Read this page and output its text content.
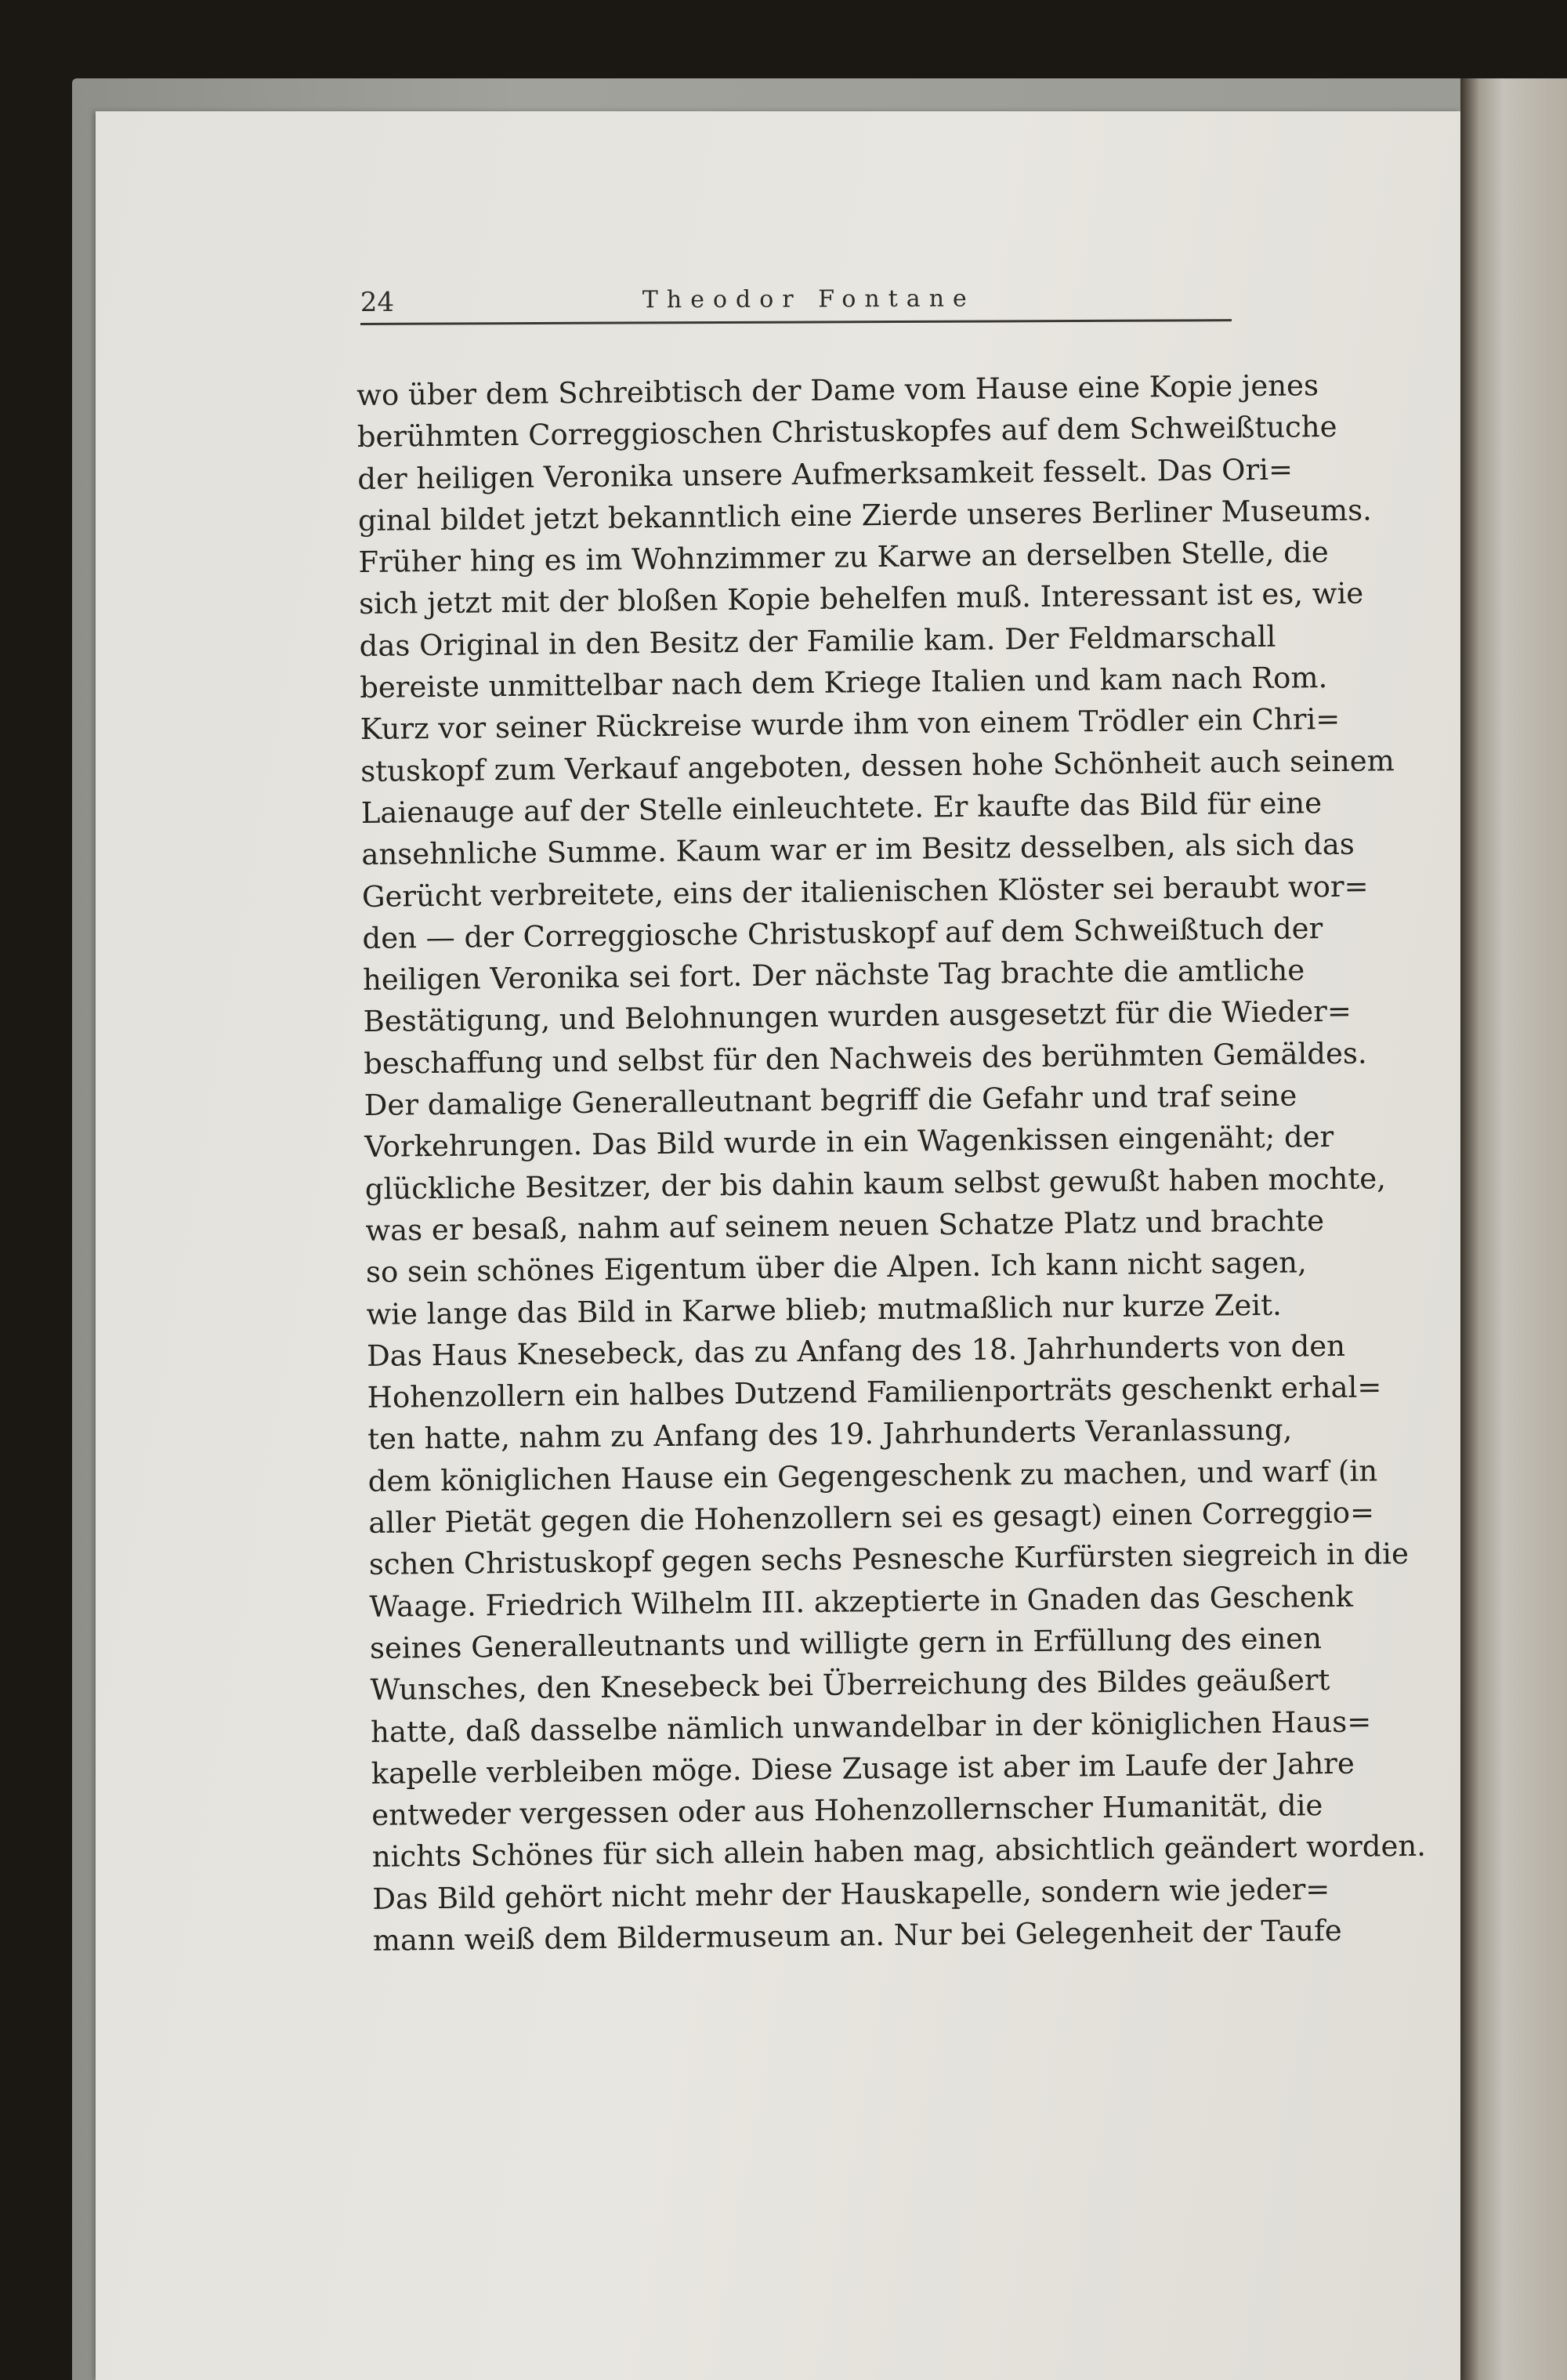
24	Theodor Fontane
wo über dem Schreibtisch der Dame vom Hause eine Kopie jenes
berühmten Correggioschen Christuskopfes auf dem Schweißtuche
der heiligen Veronika unsere Aufmerksamkeit fesselt. Das Ori=
ginal bildet jetzt bekanntlich eine Zierde unseres Berliner Museums.
Früher hing es im Wohnzimmer zu Karwe an derselben Stelle, die
sich jetzt mit der bloßen Kopie behelfen muß. Interessant ist es, wie
das Original in den Besitz der Familie kam. Der Feldmarschall
bereiste unmittelbar nach dem Kriege Italien und kam nach Rom.
Kurz vor seiner Rückreise wurde ihm von einem Trödler ein Chri=
stuskopf zum Verkauf angeboten, dessen hohe Schönheit auch seinem
Laienauge auf der Stelle einleuchtete. Er kaufte das Bild für eine
ansehnliche Summe. Kaum war er im Besitz desselben, als sich das
Gerücht verbreitete, eins der italienischen Klöster sei beraubt wor=
den — der Correggiosche Christuskopf auf dem Schweißtuch der
heiligen Veronika sei fort. Der nächste Tag brachte die amtliche
Bestätigung, und Belohnungen wurden ausgesetzt für die Wieder=
beschaffung und selbst für den Nachweis des berühmten Gemäldes.
Der damalige Generalleutnant begriff die Gefahr und traf seine
Vorkehrungen. Das Bild wurde in ein Wagenkissen eingenäht; der
glückliche Besitzer, der bis dahin kaum selbst gewußt haben mochte,
was er besaß, nahm auf seinem neuen Schatze Platz und brachte
so sein schönes Eigentum über die Alpen. Ich kann nicht sagen,
wie lange das Bild in Karwe blieb; mutmaßlich nur kurze Zeit.
Das Haus Knesebeck, das zu Anfang des 18. Jahrhunderts von den
Hohenzollern ein halbes Dutzend Familienporträts geschenkt erhal=
ten hatte, nahm zu Anfang des 19. Jahrhunderts Veranlassung,
dem königlichen Hause ein Gegengeschenk zu machen, und warf (in
aller Pietät gegen die Hohenzollern sei es gesagt) einen Correggio=
schen Christuskopf gegen sechs Pesnesche Kurfürsten siegreich in die
Waage. Friedrich Wilhelm III. akzeptierte in Gnaden das Geschenk
seines Generalleutnants und willigte gern in Erfüllung des einen
Wunsches, den Knesebeck bei Überreichung des Bildes geäußert
hatte, daß dasselbe nämlich unwandelbar in der königlichen Haus=
kapelle verbleiben möge. Diese Zusage ist aber im Laufe der Jahre
entweder vergessen oder aus Hohenzollernscher Humanität, die
nichts Schönes für sich allein haben mag, absichtlich geändert worden.
Das Bild gehört nicht mehr der Hauskapelle, sondern wie jeder=
mann weiß dem Bildermuseum an. Nur bei Gelegenheit der Taufe
